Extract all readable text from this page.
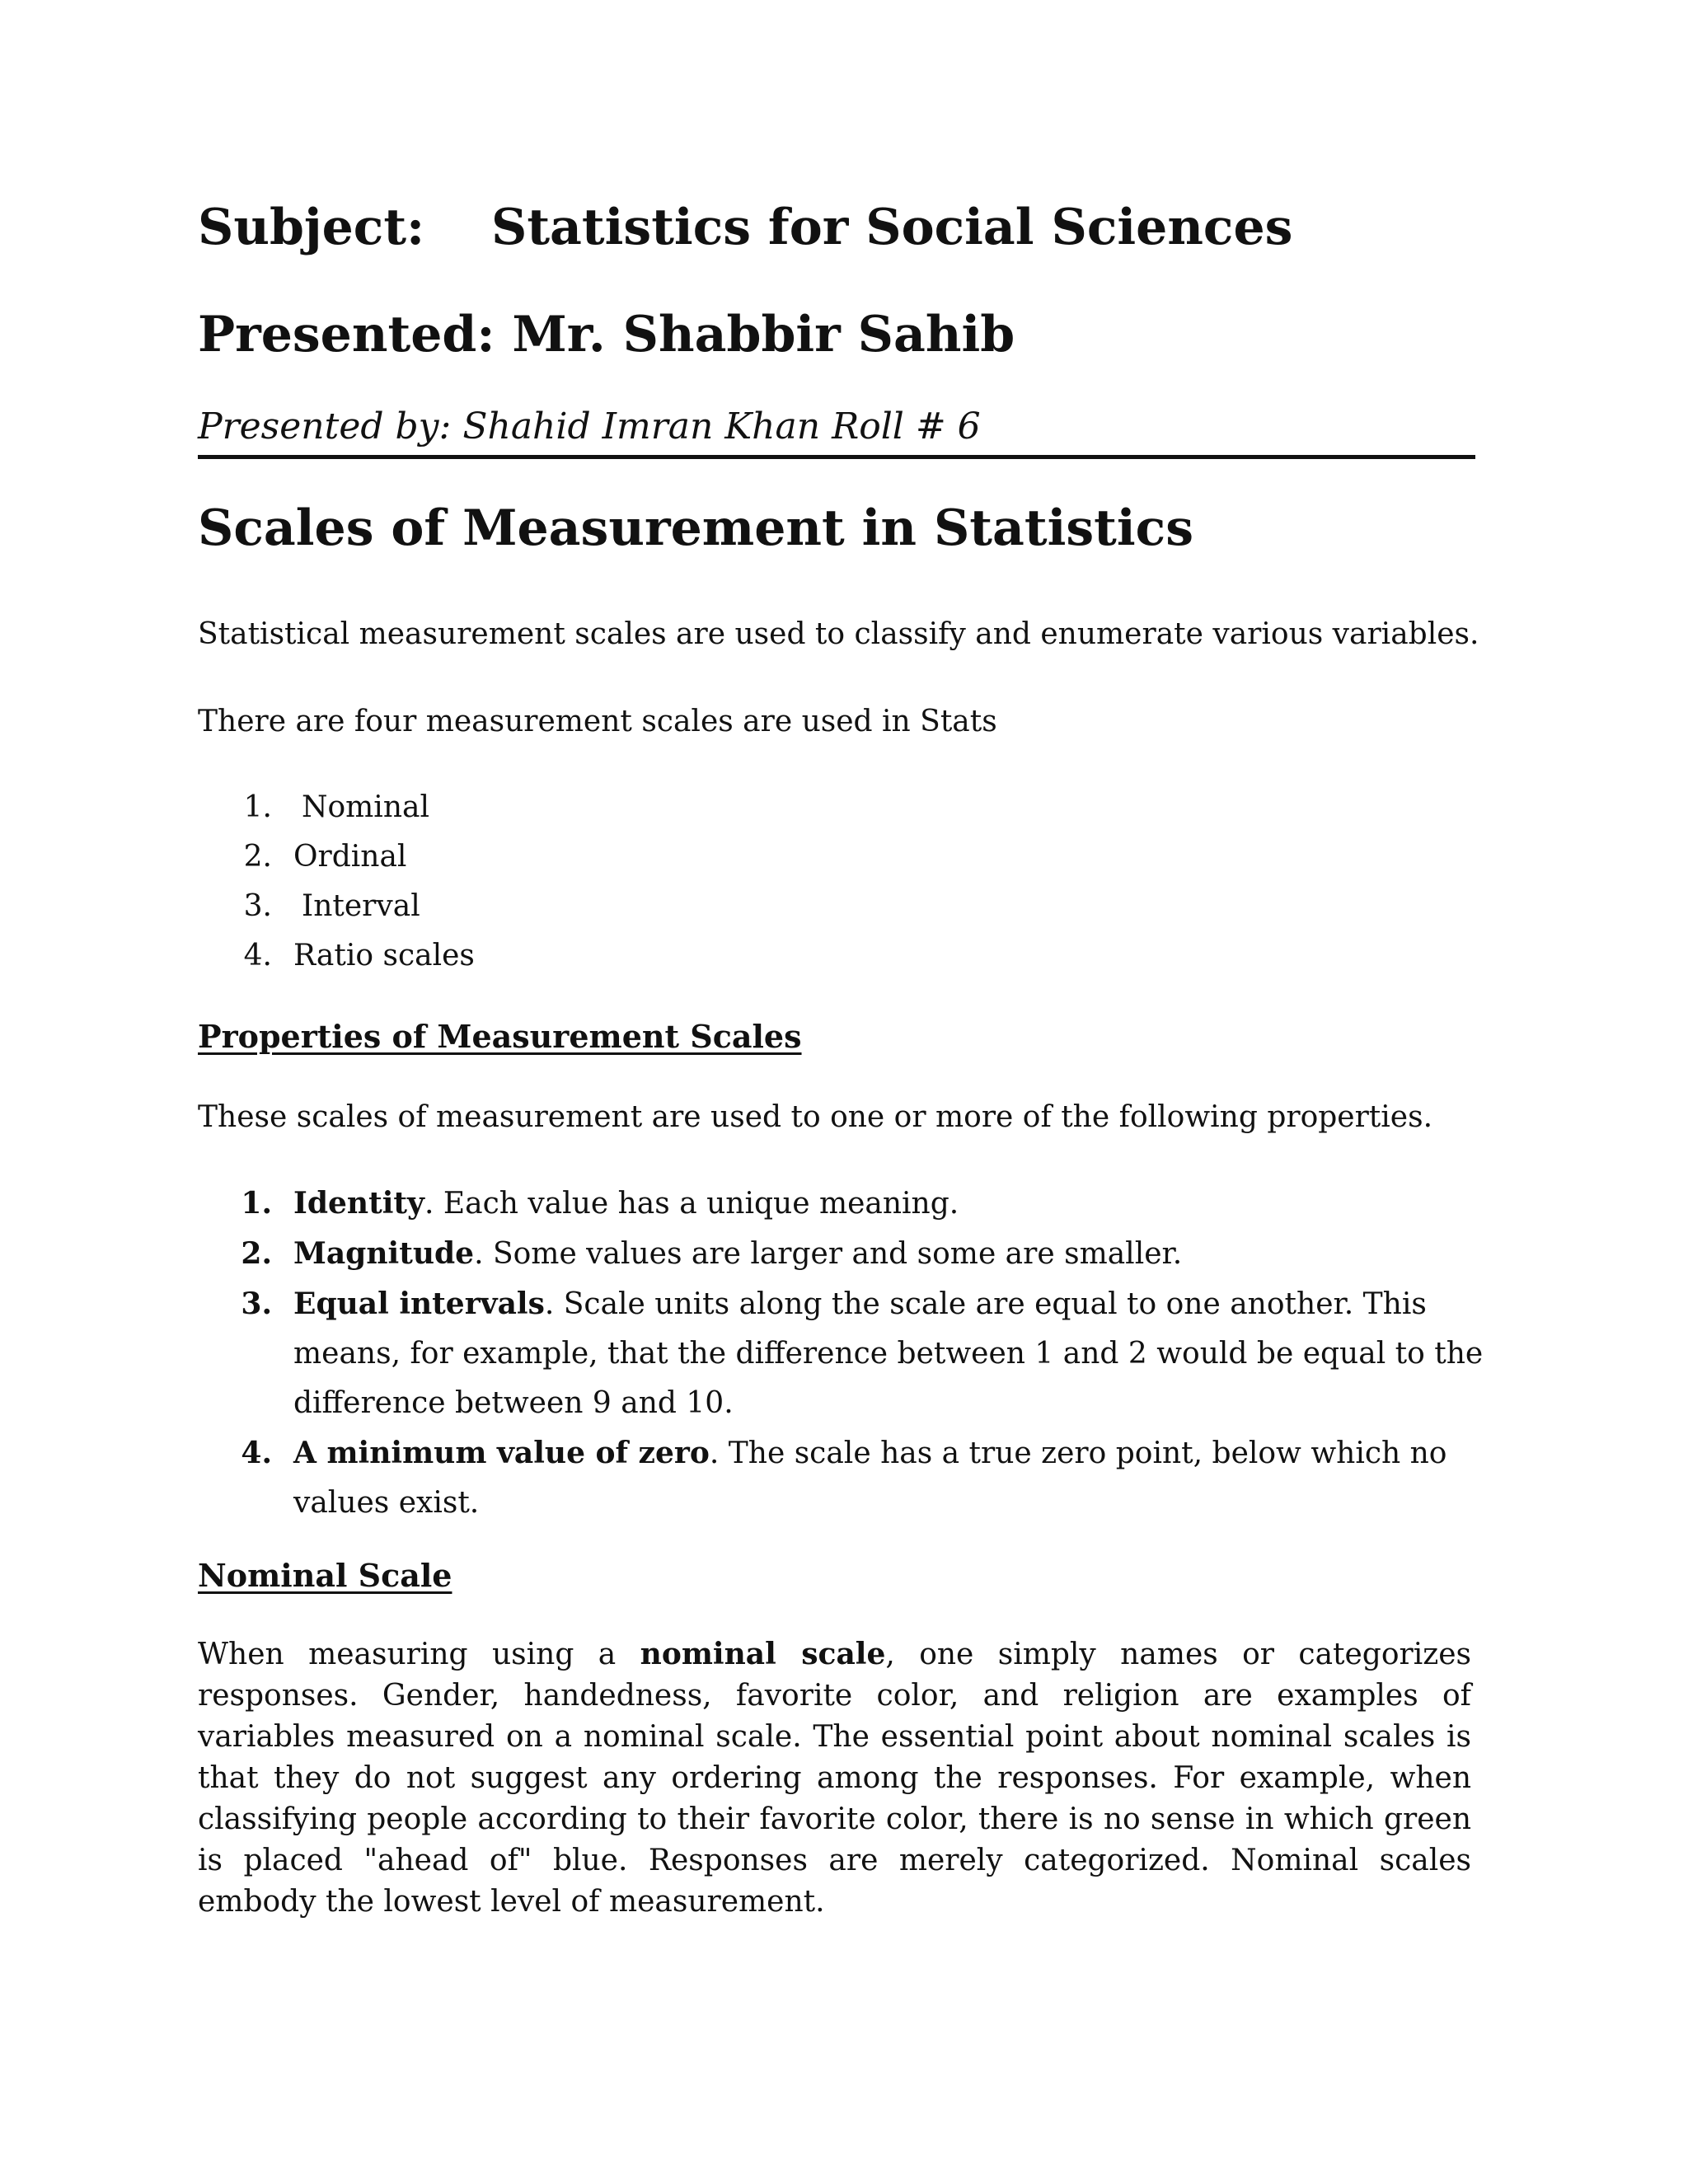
Subject: Statistics for Social Sciences
Presented: Mr. Shabbir Sahib
Presented by: Shahid Imran Khan Roll # 6
Scales of Measurement in Statistics
Statistical measurement scales are used to classify and enumerate various variables.
There are four measurement scales are used in Stats
1. Nominal
2. Ordinal
3. Interval
4. Ratio scales
Properties of Measurement Scales
These scales of measurement are used to one or more of the following properties.
1. Identity. Each value has a unique meaning.
2. Magnitude. Some values are larger and some are smaller.
3. Equal intervals. Scale units along the scale are equal to one another. This means, for example, that the difference between 1 and 2 would be equal to the difference between 9 and 10.
4. A minimum value of zero. The scale has a true zero point, below which no values exist.
Nominal Scale
When measuring using a nominal scale, one simply names or categorizes responses. Gender, handedness, favorite color, and religion are examples of variables measured on a nominal scale. The essential point about nominal scales is that they do not suggest any ordering among the responses. For example, when classifying people according to their favorite color, there is no sense in which green is placed "ahead of" blue. Responses are merely categorized. Nominal scales embody the lowest level of measurement.
